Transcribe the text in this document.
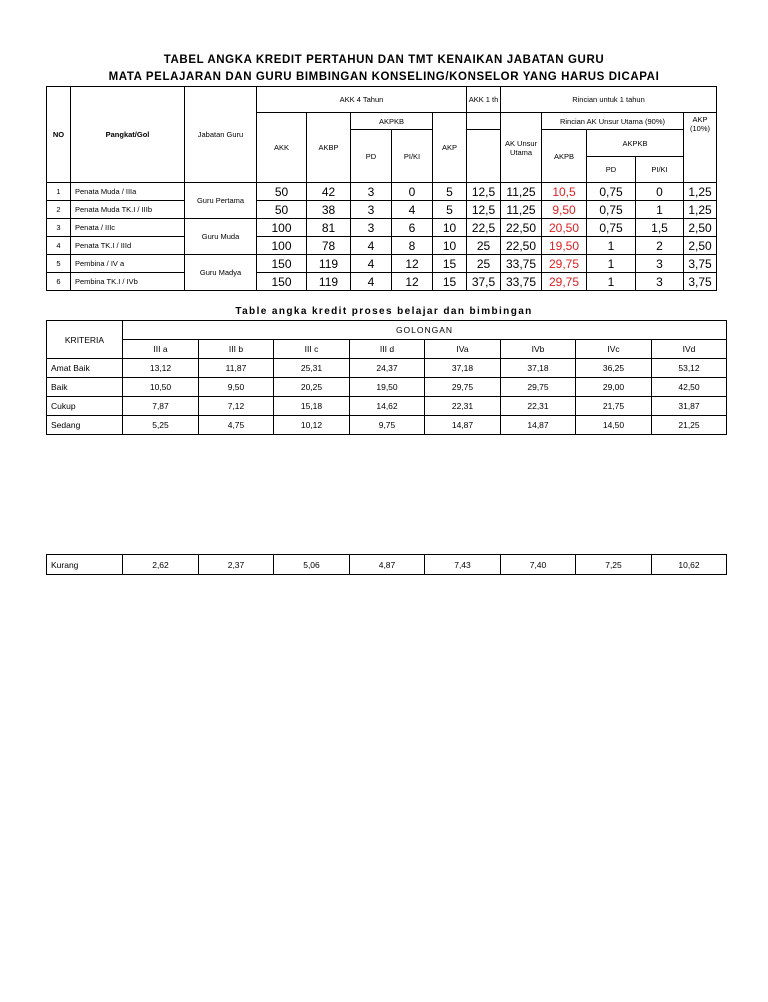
TABEL ANGKA KREDIT PERTAHUN DAN TMT KENAIKAN JABATAN GURU
MATA PELAJARAN DAN GURU BIMBINGAN KONSELING/KONSELOR YANG HARUS DICAPAI
NO	Pangkat/Gol	Jabatan Guru	AKK 4 Tahun					AKK 1 th	Rincian untuk 1 tahun				
			AKK	AKBP	AKPKB		AKP		AK Unsur Utama	Rincian AK Unsur Utama (90%)			AKP (10%)
					PD	PI/KI				AKPB	AKPKB		
											PD	PI/KI	
1	Penata Muda / IIIa	Guru Pertama	50	42	3	0	5	12,5	11,25	10,5	0,75	0	1,25
2	Penata Muda TK.I / IIIb		50	38	3	4	5	12,5	11,25	9,50	0,75	1	1,25
3	Penata / IIIc	Guru Muda	100	81	3	6	10	22,5	22,50	20,50	0,75	1,5	2,50
4	Penata TK.I / IIId		100	78	4	8	10	25	22,50	19,50	1	2	2,50
5	Pembina / IV a	Guru Madya	150	119	4	12	15	25	33,75	29,75	1	3	3,75
6	Pembina TK.I / IVb		150	119	4	12	15	37,5	33,75	29,75	1	3	3,75
Table angka kredit proses belajar dan bimbingan
KRITERIA	GOLONGAN							
	III a	III b	III c	III d	IVa	IVb	IVc	IVd
Amat Baik	13,12	11,87	25,31	24,37	37,18	37,18	36,25	53,12
Baik	10,50	9,50	20,25	19,50	29,75	29,75	29,00	42,50
Cukup	7,87	7,12	15,18	14,62	22,31	22,31	21,75	31,87
Sedang	5,25	4,75	10,12	9,75	14,87	14,87	14,50	21,25
Kurang	2,62	2,37	5,06	4,87	7,43	7,40	7,25	10,62
